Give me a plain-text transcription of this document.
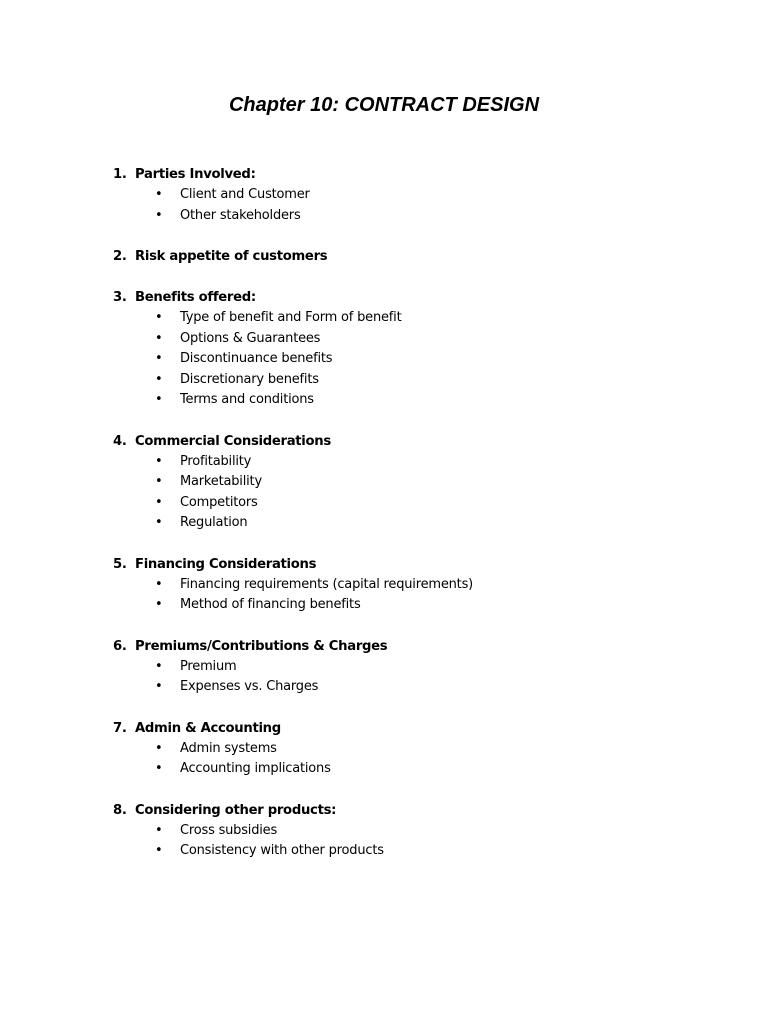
Chapter 10: CONTRACT DESIGN
1. Parties Involved:
• Client and Customer
• Other stakeholders
2. Risk appetite of customers
3. Benefits offered:
• Type of benefit and Form of benefit
• Options & Guarantees
• Discontinuance benefits
• Discretionary benefits
• Terms and conditions
4. Commercial Considerations
• Profitability
• Marketability
• Competitors
• Regulation
5. Financing Considerations
• Financing requirements (capital requirements)
• Method of financing benefits
6. Premiums/Contributions & Charges
• Premium
• Expenses vs. Charges
7. Admin & Accounting
• Admin systems
• Accounting implications
8. Considering other products:
• Cross subsidies
• Consistency with other products
